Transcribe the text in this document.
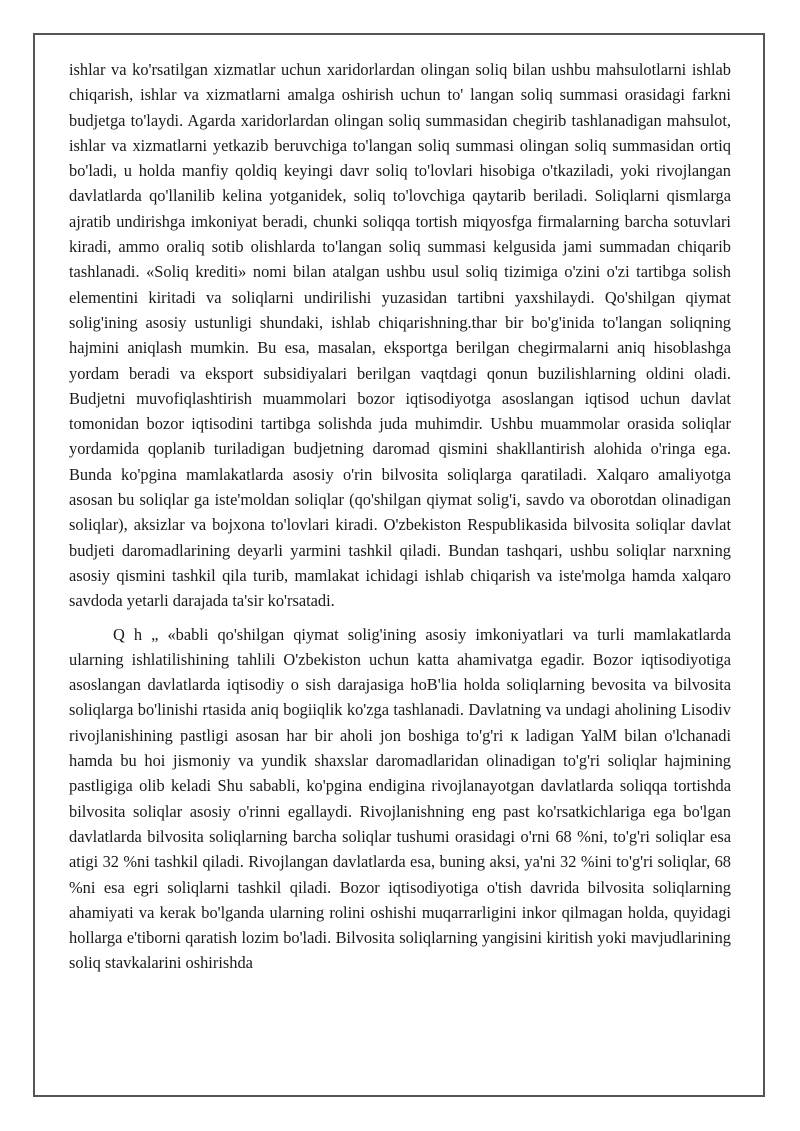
ishlar va ko'rsatilgan xizmatlar uchun xaridorlardan olingan soliq bilan ushbu mahsulotlarni ishlab chiqarish, ishlar va xizmatlarni amalga oshirish uchun to' langan soliq summasi orasidagi farkni budjetga to'laydi. Agarda xaridorlardan olingan soliq summasidan chegirib tashlanadigan mahsulot, ishlar va xizmatlarni yetkazib beruvchiga to'langan soliq summasi olingan soliq summasidan ortiq bo'ladi, u holda manfiy qoldiq keyingi davr soliq to'lovlari hisobiga o'tkaziladi, yoki rivojlangan davlatlarda qo'llanilib kelina yotganidek, soliq to'lovchiga qaytarib beriladi. Soliqlarni qismlarga ajratib undirishga imkoniyat beradi, chunki soliqqa tortish miqyosfga firmalarning barcha sotuvlari kiradi, ammo oraliq sotib olishlarda to'langan soliq summasi kelgusida jami summadan chiqarib tashlanadi. «Soliq krediti» nomi bilan atalgan ushbu usul soliq tizimiga o'zini o'zi tartibga solish elementini kiritadi va soliqlarni undirilishi yuzasidan tartibni yaxshilaydi. Qo'shilgan qiymat solig'ining asosiy ustunligi shundaki, ishlab chiqarishning.thar bir bo'g'inida to'langan soliqning hajmini aniqlash mumkin. Bu esa, masalan, eksportga berilgan chegirmalarni aniq hisoblashga yordam beradi va eksport subsidiyalari berilgan vaqtdagi qonun buzilishlarning oldini oladi. Budjetni muvofiqlashtirish muammolari bozor iqtisodiyotga asoslangan iqtisod uchun davlat tomonidan bozor iqtisodini tartibga solishda juda muhimdir. Ushbu muammolar orasida soliqlar yordamida qoplanib turiladigan budjetning daromad qismini shakllantirish alohida o'ringa ega. Bunda ko'pgina mamlakatlarda asosiy o'rin bilvosita soliqlarga qaratiladi. Xalqaro amaliyotga asosan bu soliqlar ga iste'moldan soliqlar (qo'shilgan qiymat solig'i, savdo va oborotdan olinadigan soliqlar), aksizlar va bojxona to'lovlari kiradi. O'zbekiston Respublikasida bilvosita soliqlar davlat budjeti daromadlarining deyarli yarmini tashkil qiladi. Bundan tashqari, ushbu soliqlar narxning asosiy qismini tashkil qila turib, mamlakat ichidagi ishlab chiqarish va iste'molga hamda xalqaro savdoda yetarli darajada ta'sir ko'rsatadi.

Q h „ «babli qo'shilgan qiymat solig'ining asosiy imkoniyatlari va turli mamlakatlarda ularning ishlatilishining tahlili O'zbekiston uchun katta ahamivatga egadir. Bozor iqtisodiyotiga asoslangan davlatlarda iqtisodiy o sish darajasiga hoB'lia holda soliqlarning bevosita va bilvosita soliqlarga bo'linishi rtasida aniq bogiiqlik ko'zga tashlanadi. Davlatning va undagi aholining Lisodiv rivojlanishining pastligi asosan har bir aholi jon boshiga to'g'ri к ladigan YalM bilan o'lchanadi hamda bu hoi jismoniy va yundik shaxslar daromadlaridan olinadigan to'g'ri soliqlar hajmining pastligiga olib keladi Shu sababli, ko'pgina endigina rivojlanayotgan davlatlarda soliqqa tortishda bilvosita soliqlar asosiy o'rinni egallaydi. Rivojlanishning eng past ko'rsatkichlariga ega bo'lgan davlatlarda bilvosita soliqlarning barcha soliqlar tushumi orasidagi o'rni 68 %ni, to'g'ri soliqlar esa atigi 32 %ni tashkil qiladi. Rivojlangan davlatlarda esa, buning aksi, ya'ni 32 %ini to'g'ri soliqlar, 68 %ni esa egri soliqlarni tashkil qiladi. Bozor iqtisodiyotiga o'tish davrida bilvosita soliqlarning ahamiyati va kerak bo'lganda ularning rolini oshishi muqarrarligini inkor qilmagan holda, quyidagi hollarga e'tiborni qaratish lozim bo'ladi. Bilvosita soliqlarning yangisini kiritish yoki mavjudlarining soliq stavkalarini oshirishda
